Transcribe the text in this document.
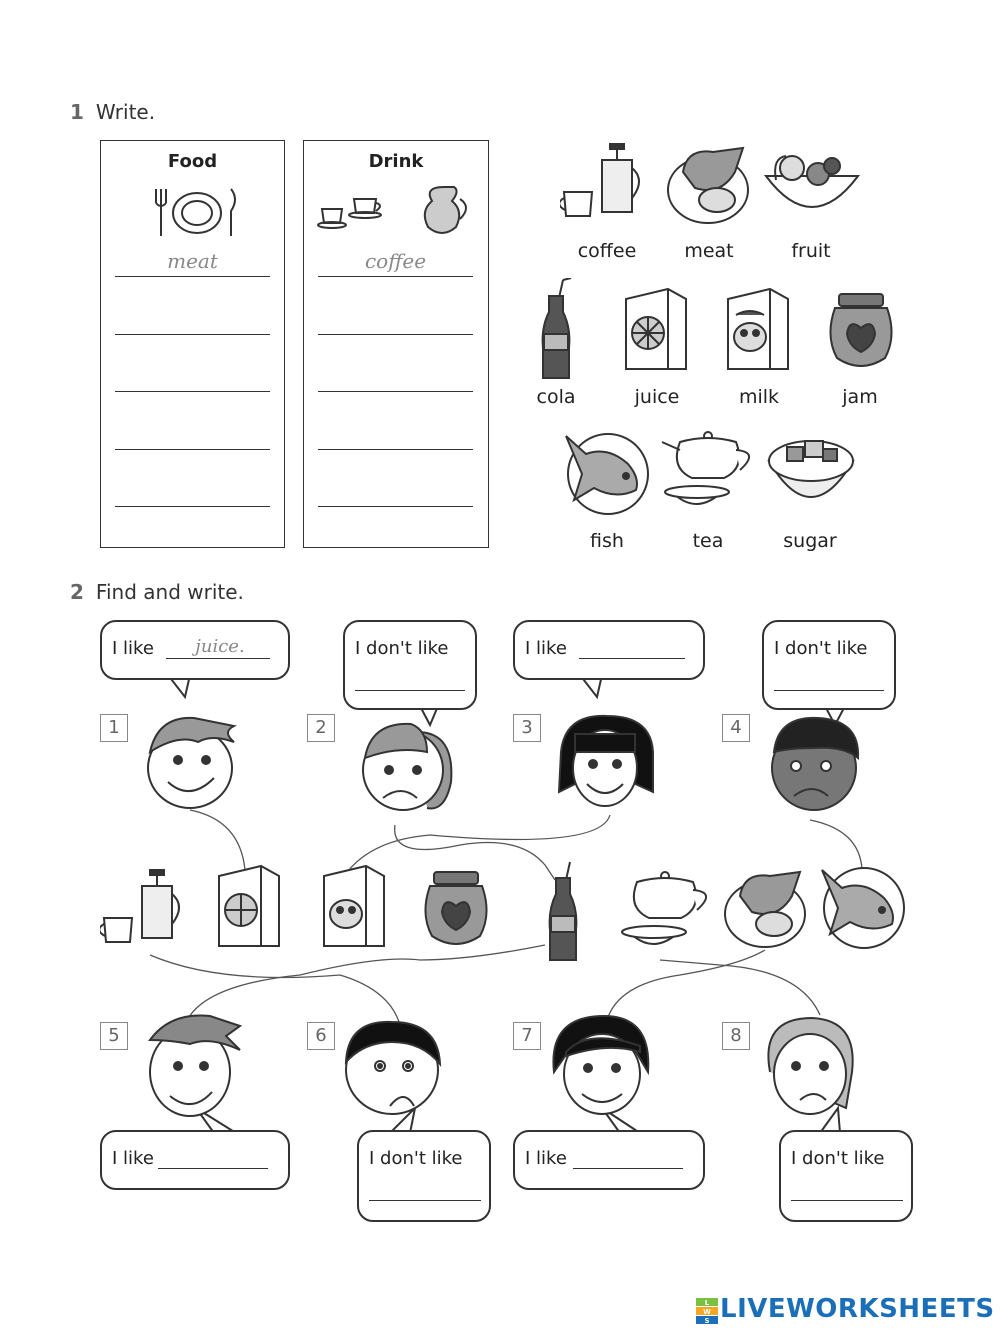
1 Write.
Food
meat	Drink
coffee
coffee	meat	fruit
cola	juice	milk	jam
fish	tea	sugar
2 Find and write.
I like
juice.	I don't like	I like	I don't like
1	2	3	4
5	6	7	8
I like	I don't like	I like	I don't like
L
W
S LIVEWORKSHEETS
